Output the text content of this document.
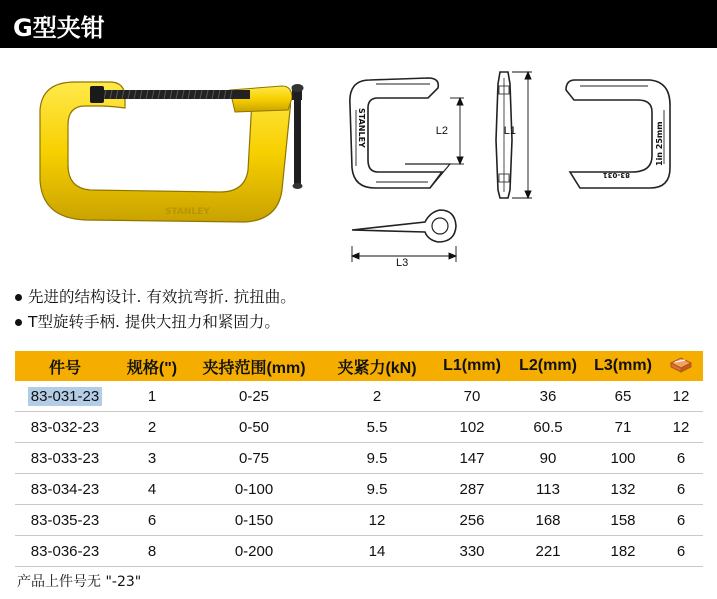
G型夹钳
STANLEY
L2	L1
L3
STANLEY	1in 25mm
83-031
先进的结构设计. 有效抗弯折. 抗扭曲。
T型旋转手柄. 提供大扭力和紧固力。
件号	规格(")	夹持范围(mm)	夹紧力(kN)	L1(mm)	L2(mm)	L3(mm)	
83-031-23	1	0-25	2	70	36	65	12
83-032-23	2	0-50	5.5	102	60.5	71	12
83-033-23	3	0-75	9.5	147	90	100	6
83-034-23	4	0-100	9.5	287	113	132	6
83-035-23	6	0-150	12	256	168	158	6
83-036-23	8	0-200	14	330	221	182	6
产品上件号无 "-23"
